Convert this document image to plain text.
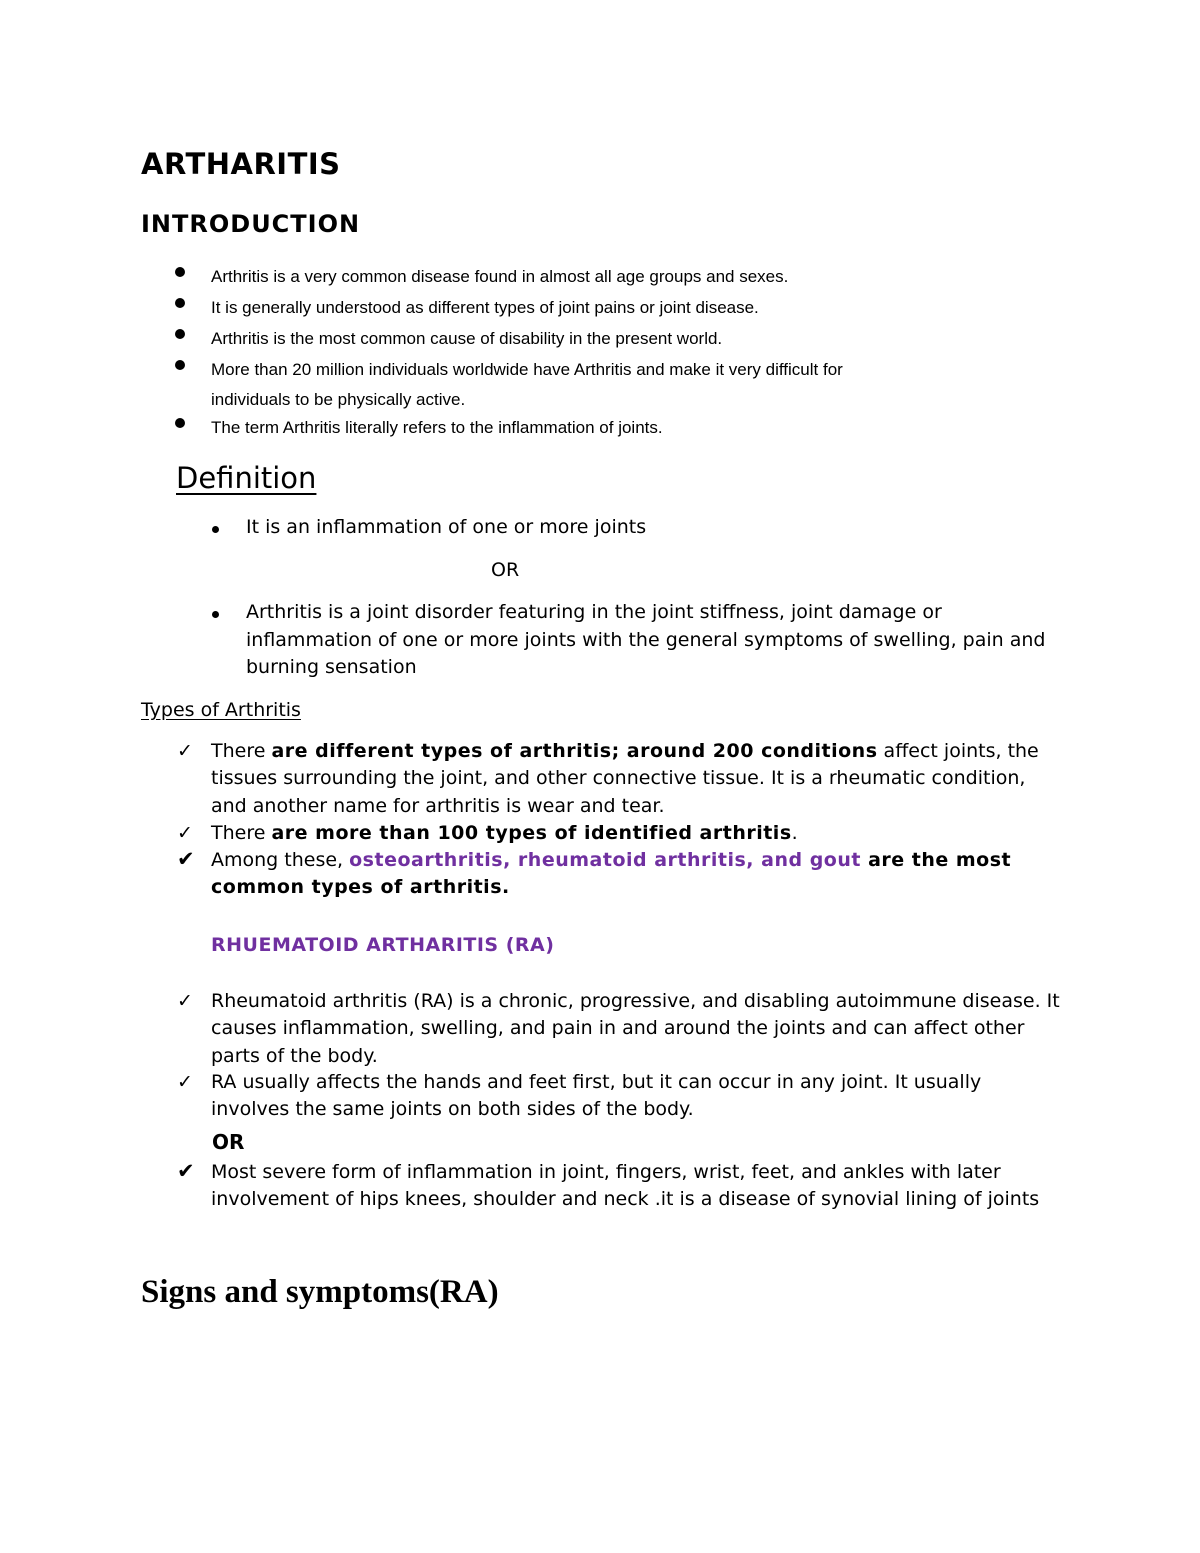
ARTHARITIS
INTRODUCTION
Arthritis is a very common disease found in almost all age groups and sexes.
It is generally understood as different types of joint pains or joint disease.
Arthritis is the most common cause of disability in the present world.
More than 20 million individuals worldwide have Arthritis and make it very difficult for
individuals to be physically active.
The term Arthritis literally refers to the inflammation of joints.
Definition
It is an inflammation of one or more joints
OR
Arthritis is a joint disorder featuring in the joint stiffness, joint damage or inflammation of one or more joints with the general symptoms of swelling, pain and burning sensation
Types of Arthritis
✓ There are different types of arthritis; around 200 conditions affect joints, the tissues surrounding the joint, and other connective tissue. It is a rheumatic condition, and another name for arthritis is wear and tear.
✓ There are more than 100 types of identified arthritis.
✔ Among these, osteoarthritis, rheumatoid arthritis, and gout are the most common types of arthritis.
RHUEMATOID ARTHARITIS (RA)
✓ Rheumatoid arthritis (RA) is a chronic, progressive, and disabling autoimmune disease. It causes inflammation, swelling, and pain in and around the joints and can affect other parts of the body.
✓ RA usually affects the hands and feet first, but it can occur in any joint. It usually involves the same joints on both sides of the body.
OR
✔ Most severe form of inflammation in joint, fingers, wrist, feet, and ankles with later involvement of hips knees, shoulder and neck .it is a disease of synovial lining of joints
Signs and symptoms(RA)
